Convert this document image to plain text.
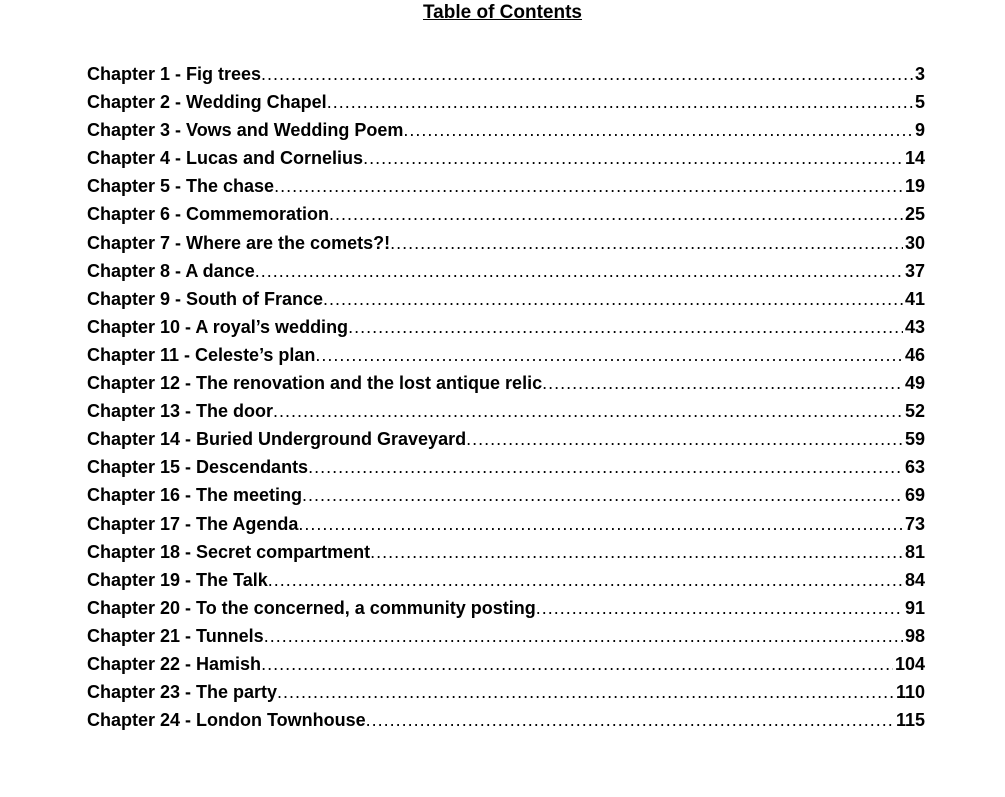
Table of Contents
Chapter 1 - Fig trees .....	3
Chapter 2 - Wedding Chapel .....	5
Chapter 3 - Vows and Wedding Poem .....	9
Chapter 4 - Lucas and Cornelius .....	14
Chapter 5 - The chase .....	19
Chapter 6 - Commemoration .....	25
Chapter 7 - Where are the comets?! .....	30
Chapter 8 - A dance .....	37
Chapter 9 - South of France .....	41
Chapter 10 - A royal’s wedding .....	43
Chapter 11 - Celeste’s plan .....	46
Chapter 12 - The renovation and the lost antique relic .....	49
Chapter 13 - The door .....	52
Chapter 14 - Buried Underground Graveyard .....	59
Chapter 15 - Descendants .....	63
Chapter 16 - The meeting .....	69
Chapter 17 - The Agenda .....	73
Chapter 18 - Secret compartment .....	81
Chapter 19 - The Talk .....	84
Chapter 20 - To the concerned, a community posting .....	91
Chapter 21 - Tunnels .....	98
Chapter 22 - Hamish .....	104
Chapter 23 - The party .....	110
Chapter 24 - London Townhouse .....	115
